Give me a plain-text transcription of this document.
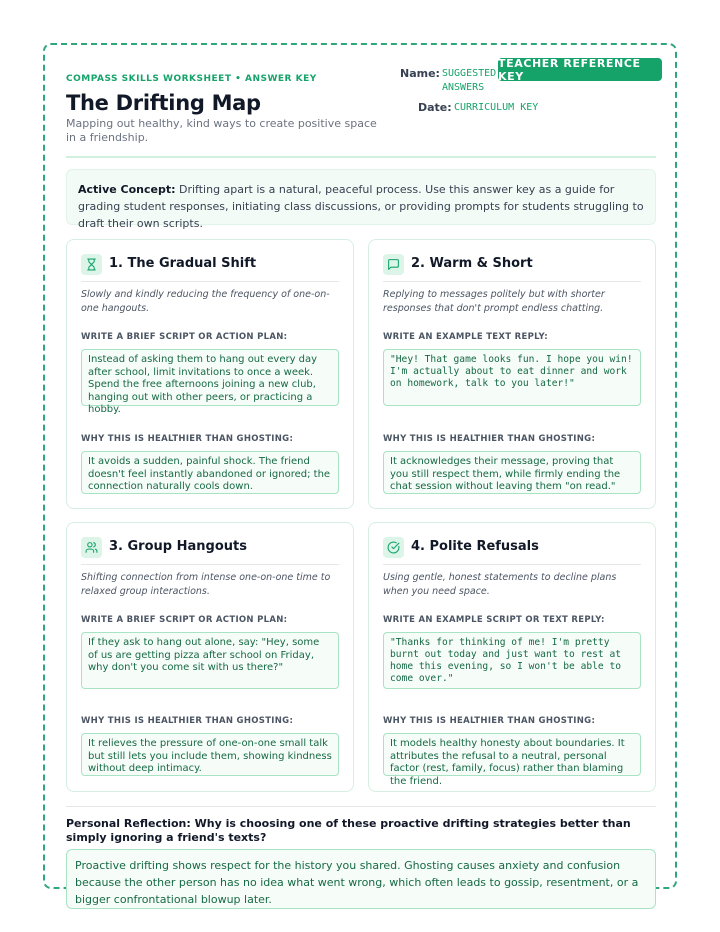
TEACHER REFERENCE KEY
COMPASS SKILLS WORKSHEET • ANSWER KEY
The Drifting Map
Mapping out healthy, kind ways to create positive space in a friendship.
Name: SUGGESTED ANSWERS
Date: CURRICULUM KEY
Active Concept: Drifting apart is a natural, peaceful process. Use this answer key as a guide for grading student responses, initiating class discussions, or providing prompts for students struggling to draft their own scripts.
1. The Gradual Shift
Slowly and kindly reducing the frequency of one-on-one hangouts.
WRITE A BRIEF SCRIPT OR ACTION PLAN:
Instead of asking them to hang out every day after school, limit invitations to once a week. Spend the free afternoons joining a new club, hanging out with other peers, or practicing a hobby.
WHY THIS IS HEALTHIER THAN GHOSTING:
It avoids a sudden, painful shock. The friend doesn't feel instantly abandoned or ignored; the connection naturally cools down.
2. Warm & Short
Replying to messages politely but with shorter responses that don't prompt endless chatting.
WRITE AN EXAMPLE TEXT REPLY:
"Hey! That game looks fun. I hope you win! I'm actually about to eat dinner and work on homework, talk to you later!"
WHY THIS IS HEALTHIER THAN GHOSTING:
It acknowledges their message, proving that you still respect them, while firmly ending the chat session without leaving them "on read."
3. Group Hangouts
Shifting connection from intense one-on-one time to relaxed group interactions.
WRITE A BRIEF SCRIPT OR ACTION PLAN:
If they ask to hang out alone, say: "Hey, some of us are getting pizza after school on Friday, why don't you come sit with us there?"
WHY THIS IS HEALTHIER THAN GHOSTING:
It relieves the pressure of one-on-one small talk but still lets you include them, showing kindness without deep intimacy.
4. Polite Refusals
Using gentle, honest statements to decline plans when you need space.
WRITE AN EXAMPLE SCRIPT OR TEXT REPLY:
"Thanks for thinking of me! I'm pretty burnt out today and just want to rest at home this evening, so I won't be able to come over."
WHY THIS IS HEALTHIER THAN GHOSTING:
It models healthy honesty about boundaries. It attributes the refusal to a neutral, personal factor (rest, family, focus) rather than blaming the friend.
Personal Reflection: Why is choosing one of these proactive drifting strategies better than simply ignoring a friend's texts?
Proactive drifting shows respect for the history you shared. Ghosting causes anxiety and confusion because the other person has no idea what went wrong, which often leads to gossip, resentment, or a bigger confrontational blowup later.
